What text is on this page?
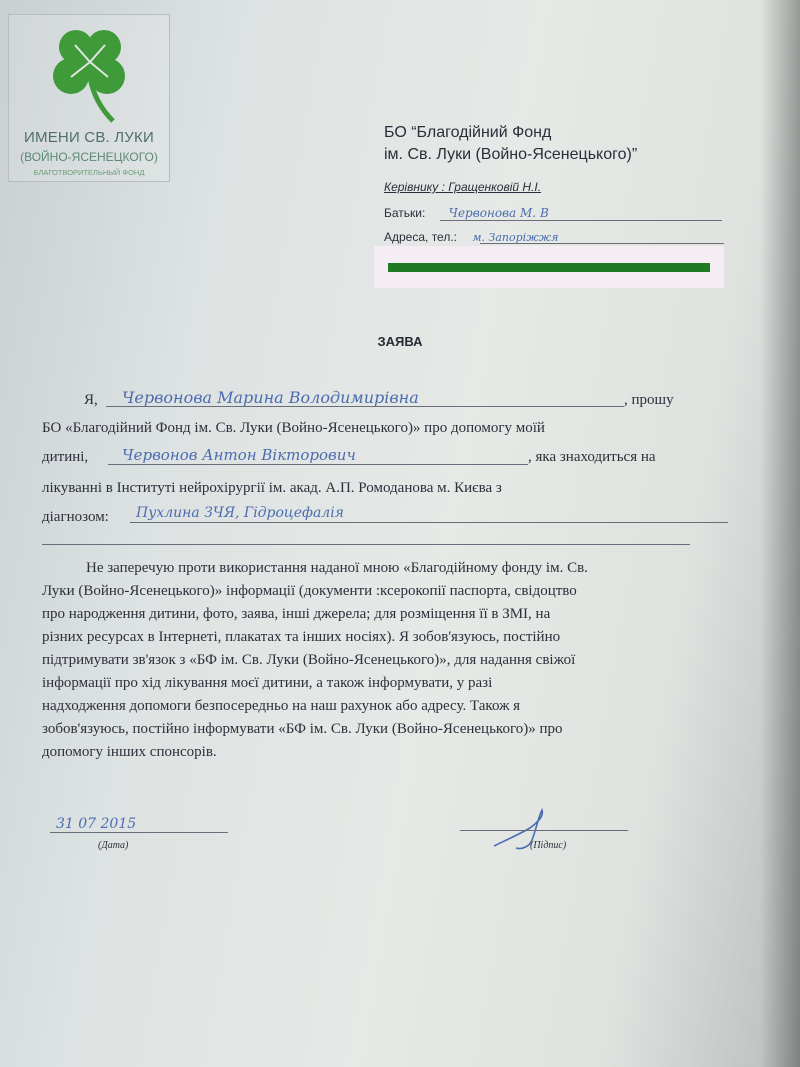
ИМЕНИ СВ. ЛУКИ
(ВОЙНО-ЯСЕНЕЦКОГО)
БЛАГОТВОРИТЕЛЬНЫЙ ФОНД
БО “Благодійний Фонд
ім. Св. Луки (Войно-Ясенецького)”
Керівнику : Гращенковій Н.І.
Батьки: Червонова М. В
Адреса, тел.: м. Запоріжжя
ЗАЯВА
Я, Червонова Марина Володимирівна	, прошу
БО «Благодійний Фонд ім. Св. Луки (Войно-Ясенецького)» про допомогу моїй
дитині, Червонов Антон Вікторович	, яка знаходиться на
лікуванні в Інституті нейрохірургії ім. акад. А.П. Ромоданова м. Києва з
діагнозом: Пухлина ЗЧЯ, Гідроцефалія
Не заперечую проти використання наданої мною «Благодійному фонду ім. Св.
Луки (Войно-Ясенецького)» інформації (документи :ксерокопії паспорта, свідоцтво
про народження дитини, фото, заява, інші джерела; для розміщення її в ЗМІ, на
різних ресурсах в Інтернеті, плакатах та інших носіях). Я зобов'язуюсь, постійно
підтримувати зв'язок з «БФ ім. Св. Луки (Войно-Ясенецького)», для надання свіжої
інформації про хід лікування моєї дитини, а також інформувати, у разі
надходження допомоги безпосередньо на наш рахунок або адресу. Також я
зобов'язуюсь, постійно інформувати «БФ ім. Св. Луки (Войно-Ясенецького)» про
допомогу інших спонсорів.
31 07 2015
(Дата)	(Підпис)
